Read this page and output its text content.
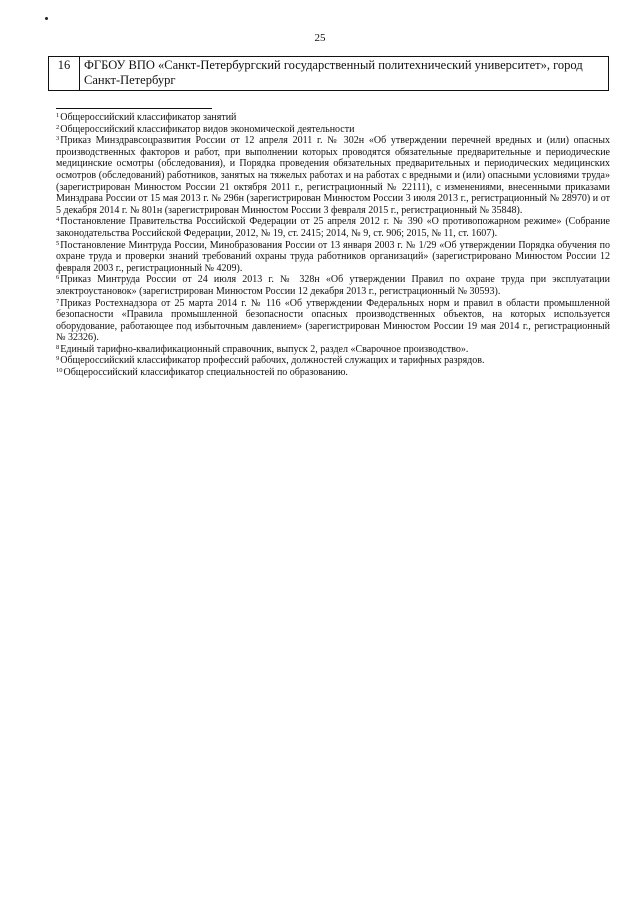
25
16	ФГБОУ ВПО «Санкт-Петербургский государственный политехнический университет», город Санкт-Петербург

$^1$Общероссийский классификатор занятий

$^2$Общероссийский классификатор видов экономической деятельности

$^3$Приказ Минздравсоцразвития России от 12 апреля 2011 г. № 302н «Об утверждении перечней вредных и (или) опасных производственных факторов и работ, при выполнении которых проводятся обязательные предварительные и периодические медицинские осмотры (обследования), и Порядка проведения обязательных предварительных и периодических медицинских осмотров (обследований) работников, занятых на тяжелых работах и на работах с вредными и (или) опасными условиями труда» (зарегистрирован Минюстом России 21 октября 2011 г., регистрационный № 22111), с изменениями, внесенными приказами Минздрава России от 15 мая 2013 г. № 296н (зарегистрирован Минюстом России 3 июля 2013 г., регистрационный № 28970) и от 5 декабря 2014 г. № 801н (зарегистрирован Минюстом России 3 февраля 2015 г., регистрационный № 35848).

$^4$Постановление Правительства Российской Федерации от 25 апреля 2012 г. № 390 «О противопожарном режиме» (Собрание законодательства Российской Федерации, 2012, № 19, ст. 2415; 2014, № 9, ст. 906; 2015, № 11, ст. 1607).

$^5$Постановление Минтруда России, Минобразования России от 13 января 2003 г. № 1/29 «Об утверждении Порядка обучения по охране труда и проверки знаний требований охраны труда работников организаций» (зарегистрировано Минюстом России 12 февраля 2003 г., регистрационный № 4209).

$^6$Приказ Минтруда России от 24 июля 2013 г. № 328н «Об утверждении Правил по охране труда при эксплуатации электроустановок» (зарегистрирован Минюстом России 12 декабря 2013 г., регистрационный № 30593).

$^7$Приказ Ростехнадзора от 25 марта 2014 г. № 116 «Об утверждении Федеральных норм и правил в области промышленной безопасности «Правила промышленной безопасности опасных производственных объектов, на которых используется оборудование, работающее под избыточным давлением» (зарегистрирован Минюстом России 19 мая 2014 г., регистрационный № 32326).

$^8$Единый тарифно-квалификационный справочник, выпуск 2, раздел «Сварочное производство».

$^9$Общероссийский классификатор профессий рабочих, должностей служащих и тарифных разрядов.

$^{10}$Общероссийский классификатор специальностей по образованию.
